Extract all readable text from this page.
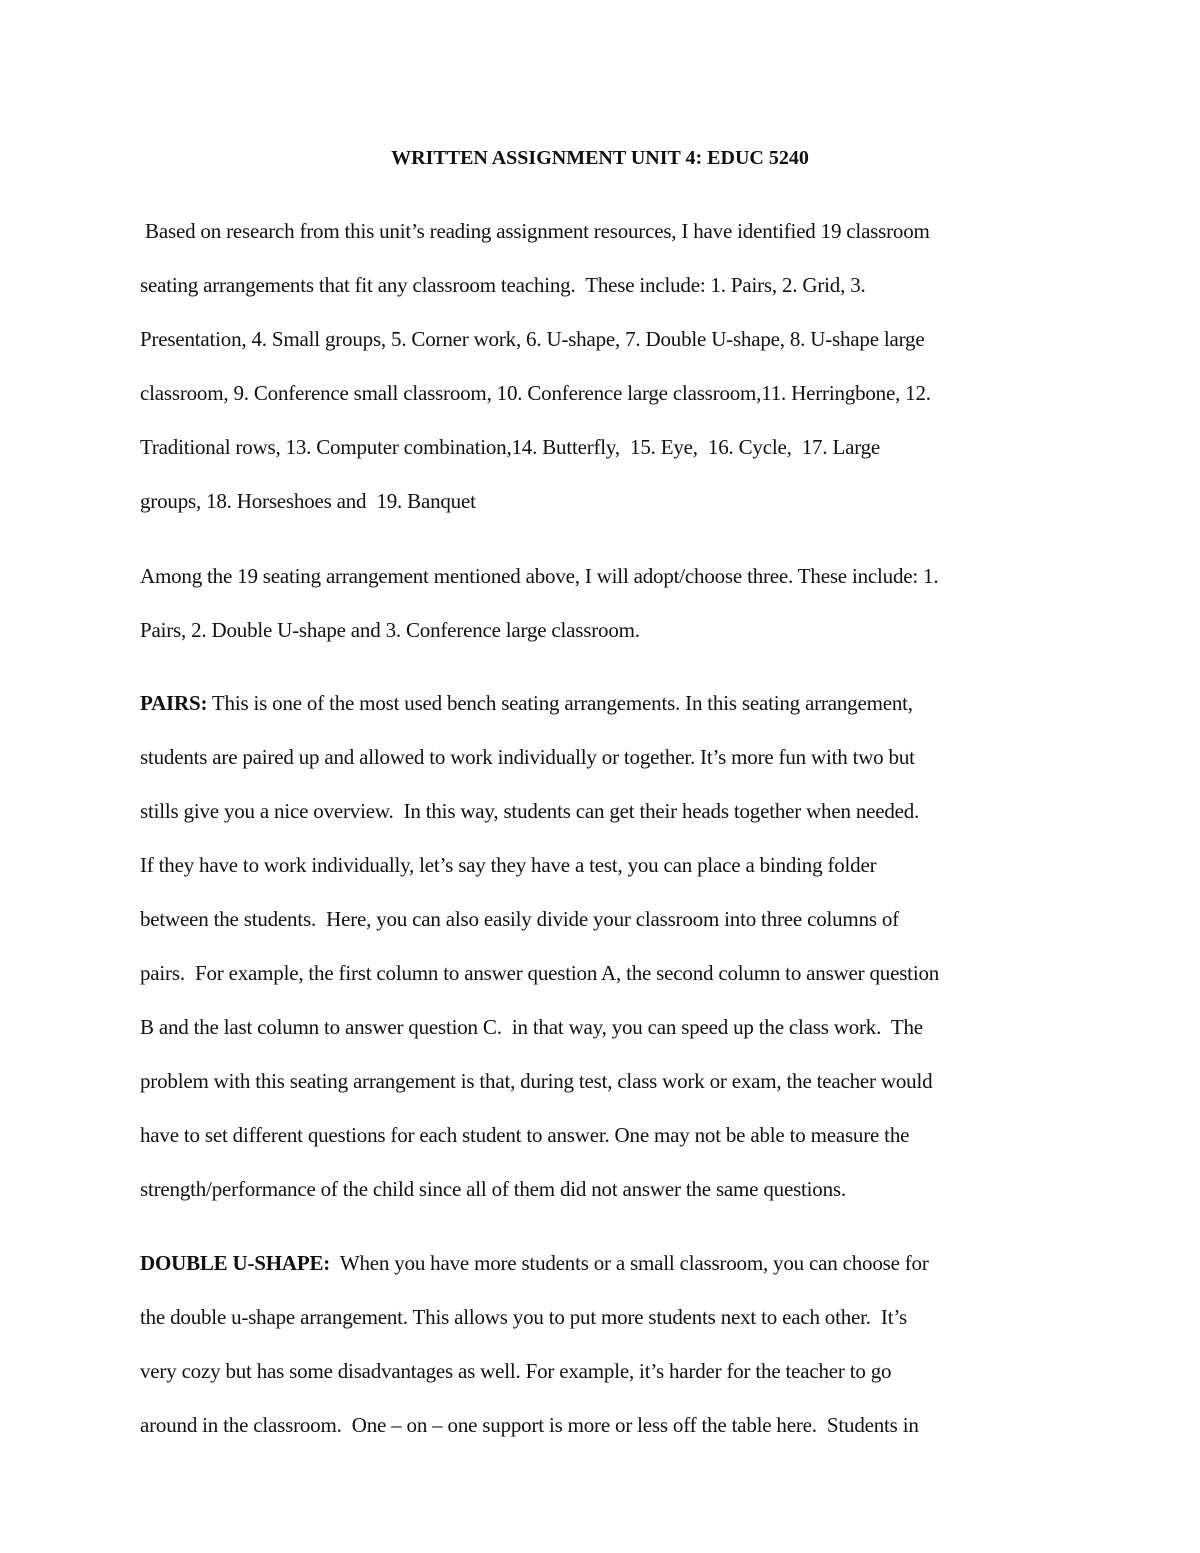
WRITTEN ASSIGNMENT UNIT 4: EDUC 5240
Based on research from this unit’s reading assignment resources, I have identified 19 classroom
seating arrangements that fit any classroom teaching.  These include: 1. Pairs, 2. Grid, 3.
Presentation, 4. Small groups, 5. Corner work, 6. U-shape, 7. Double U-shape, 8. U-shape large
classroom, 9. Conference small classroom, 10. Conference large classroom,11. Herringbone, 12.
Traditional rows, 13. Computer combination,14. Butterfly,  15. Eye,  16. Cycle,  17. Large
groups, 18. Horseshoes and  19. Banquet
Among the 19 seating arrangement mentioned above, I will adopt/choose three. These include: 1.
Pairs, 2. Double U-shape and 3. Conference large classroom.
PAIRS: This is one of the most used bench seating arrangements. In this seating arrangement,
students are paired up and allowed to work individually or together. It’s more fun with two but
stills give you a nice overview.  In this way, students can get their heads together when needed.
If they have to work individually, let’s say they have a test, you can place a binding folder
between the students.  Here, you can also easily divide your classroom into three columns of
pairs.  For example, the first column to answer question A, the second column to answer question
B and the last column to answer question C.  in that way, you can speed up the class work.  The
problem with this seating arrangement is that, during test, class work or exam, the teacher would
have to set different questions for each student to answer. One may not be able to measure the
strength/performance of the child since all of them did not answer the same questions.
DOUBLE U-SHAPE:  When you have more students or a small classroom, you can choose for
the double u-shape arrangement. This allows you to put more students next to each other.  It’s
very cozy but has some disadvantages as well. For example, it’s harder for the teacher to go
around in the classroom.  One – on – one support is more or less off the table here.  Students in
